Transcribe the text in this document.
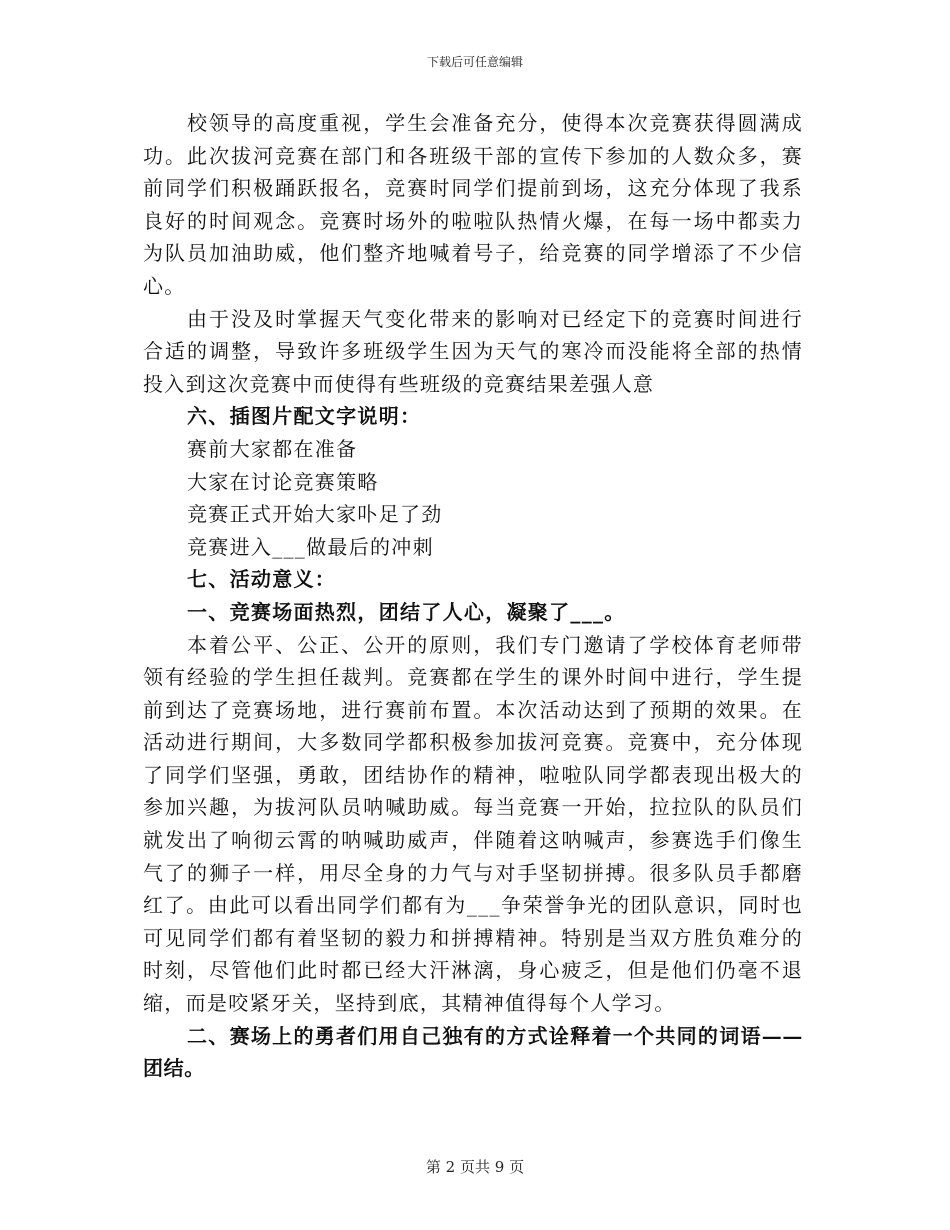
下载后可任意编辑

校领导的高度重视，学生会准备充分，使得本次竞赛获得圆满成功。此次拔河竞赛在部门和各班级干部的宣传下参加的人数众多，赛前同学们积极踊跃报名，竞赛时同学们提前到场，这充分体现了我系良好的时间观念。竞赛时场外的啦啦队热情火爆，在每一场中都卖力为队员加油助威，他们整齐地喊着号子，给竞赛的同学增添了不少信心。

由于没及时掌握天气变化带来的影响对已经定下的竞赛时间进行合适的调整，导致许多班级学生因为天气的寒冷而没能将全部的热情投入到这次竞赛中而使得有些班级的竞赛结果差强人意

六、插图片配文字说明：

赛前大家都在准备

大家在讨论竞赛策略

竞赛正式开始大家卟足了劲

竞赛进入___做最后的冲刺

七、活动意义：

一、竞赛场面热烈，团结了人心，凝聚了___。

本着公平、公正、公开的原则，我们专门邀请了学校体育老师带领有经验的学生担任裁判。竞赛都在学生的课外时间中进行，学生提前到达了竞赛场地，进行赛前布置。本次活动达到了预期的效果。在活动进行期间，大多数同学都积极参加拔河竞赛。竞赛中，充分体现了同学们坚强，勇敢，团结协作的精神，啦啦队同学都表现出极大的参加兴趣，为拔河队员呐喊助威。每当竞赛一开始，拉拉队的队员们就发出了响彻云霄的呐喊助威声，伴随着这呐喊声，参赛选手们像生气了的狮子一样，用尽全身的力气与对手坚韧拼搏。很多队员手都磨红了。由此可以看出同学们都有为___争荣誉争光的团队意识，同时也可见同学们都有着坚韧的毅力和拼搏精神。特别是当双方胜负难分的时刻，尽管他们此时都已经大汗淋漓，身心疲乏，但是他们仍毫不退缩，而是咬紧牙关，坚持到底，其精神值得每个人学习。

二、赛场上的勇者们用自己独有的方式诠释着一个共同的词语——团结。

第 2 页共 9 页
